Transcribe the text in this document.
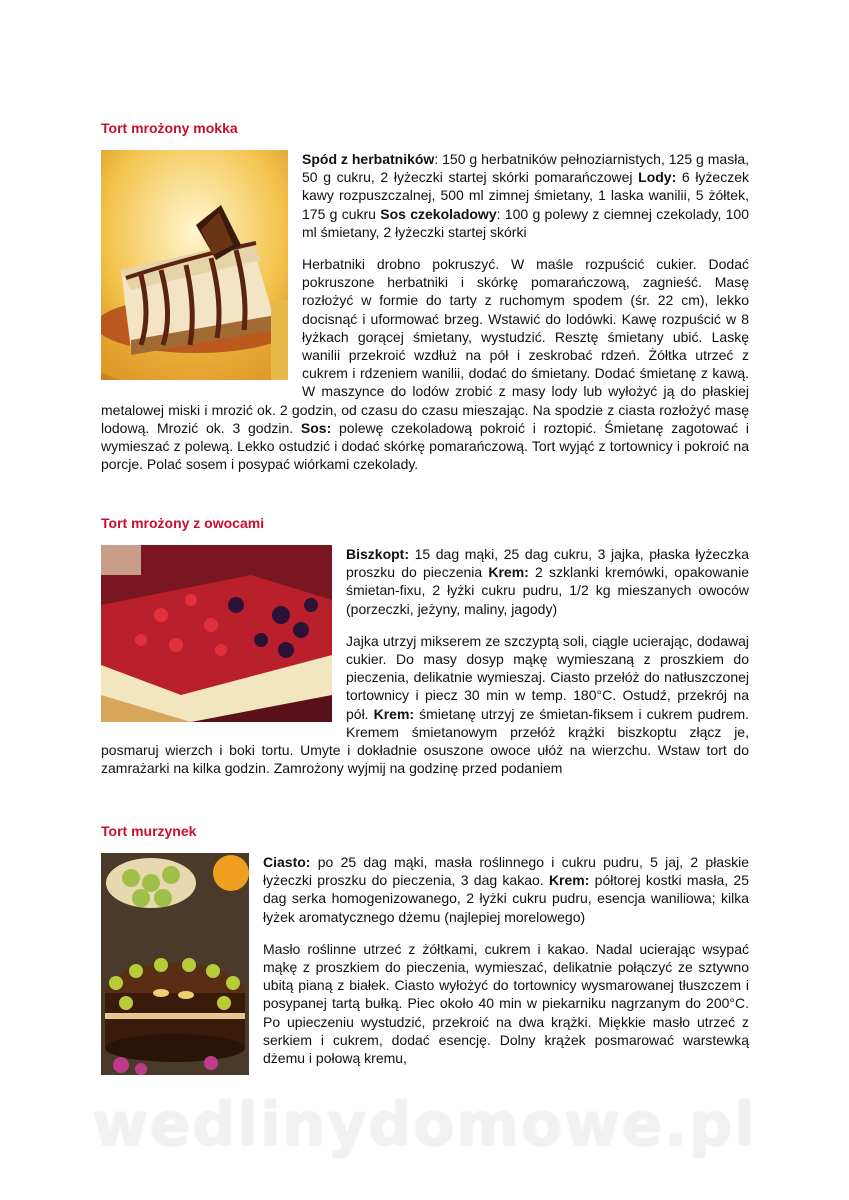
Tort mrożony mokka

Spód z herbatników: 150 g herbatników pełnoziarnistych, 125 g masła, 50 g cukru, 2 łyżeczki startej skórki pomarańczowej Lody: 6 łyżeczek kawy rozpuszczalnej, 500 ml zimnej śmietany, 1 laska wanilii, 5 żółtek, 175 g cukru Sos czekoladowy: 100 g polewy z ciemnej czekolady, 100 ml śmietany, 2 łyżeczki startej skórki

Herbatniki drobno pokruszyć. W maśle rozpuścić cukier. Dodać pokruszone herbatniki i skórkę pomarańczową, zagnieść. Masę rozłożyć w formie do tarty z ruchomym spodem (śr. 22 cm), lekko docisnąć i uformować brzeg. Wstawić do lodówki. Kawę rozpuścić w 8 łyżkach gorącej śmietany, wystudzić. Resztę śmietany ubić. Laskę wanilii przekroić wzdłuż na pół i zeskrobać rdzeń. Żółtka utrzeć z cukrem i rdzeniem wanilii, dodać do śmietany. Dodać śmietanę z kawą. W maszynce do lodów zrobić z masy lody lub wyłożyć ją do płaskiej metalowej miski i mrozić ok. 2 godzin, od czasu do czasu mieszając. Na spodzie z ciasta rozłożyć masę lodową. Mrozić ok. 3 godzin. Sos: polewę czekoladową pokroić i roztopić. Śmietanę zagotować i wymieszać z polewą. Lekko ostudzić i dodać skórkę pomarańczową. Tort wyjąć z tortownicy i pokroić na porcje. Polać sosem i posypać wiórkami czekolady.

Tort mrożony z owocami

Biszkopt: 15 dag mąki, 25 dag cukru, 3 jajka, płaska łyżeczka proszku do pieczenia Krem: 2 szklanki kremówki, opakowanie śmietan-fixu, 2 łyżki cukru pudru, 1/2 kg mieszanych owoców (porzeczki, jeżyny, maliny, jagody)

Jajka utrzyj mikserem ze szczyptą soli, ciągle ucierając, dodawaj cukier. Do masy dosyp mąkę wymieszaną z proszkiem do pieczenia, delikatnie wymieszaj. Ciasto przełóż do natłuszczonej tortownicy i piecz 30 min w temp. 180°C. Ostudź, przekrój na pół. Krem: śmietanę utrzyj ze śmietan-fiksem i cukrem pudrem. Kremem śmietanowym przełóż krążki biszkoptu złącz je, posmaruj wierzch i boki tortu. Umyte i dokładnie osuszone owoce ułóż na wierzchu. Wstaw tort do zamrażarki na kilka godzin. Zamrożony wyjmij na godzinę przed podaniem

Tort murzynek

Ciasto: po 25 dag mąki, masła roślinnego i cukru pudru, 5 jaj, 2 płaskie łyżeczki proszku do pieczenia, 3 dag kakao. Krem: półtorej kostki masła, 25 dag serka homogenizowanego, 2 łyżki cukru pudru, esencja waniliowa; kilka łyżek aromatycznego dżemu (najlepiej morelowego)

Masło roślinne utrzeć z żółtkami, cukrem i kakao. Nadal ucierając wsypać mąkę z proszkiem do pieczenia, wymieszać, delikatnie połączyć ze sztywno ubitą pianą z białek. Ciasto wyłożyć do tortownicy wysmarowanej tłuszczem i posypanej tartą bułką. Piec około 40 min w piekarniku nagrzanym do 200°C. Po upieczeniu wystudzić, przekroić na dwa krążki. Miękkie masło utrzeć z serkiem i cukrem, dodać esencję. Dolny krążek posmarować warstewką dżemu i połową kremu,

wedlinydomowe.pl
